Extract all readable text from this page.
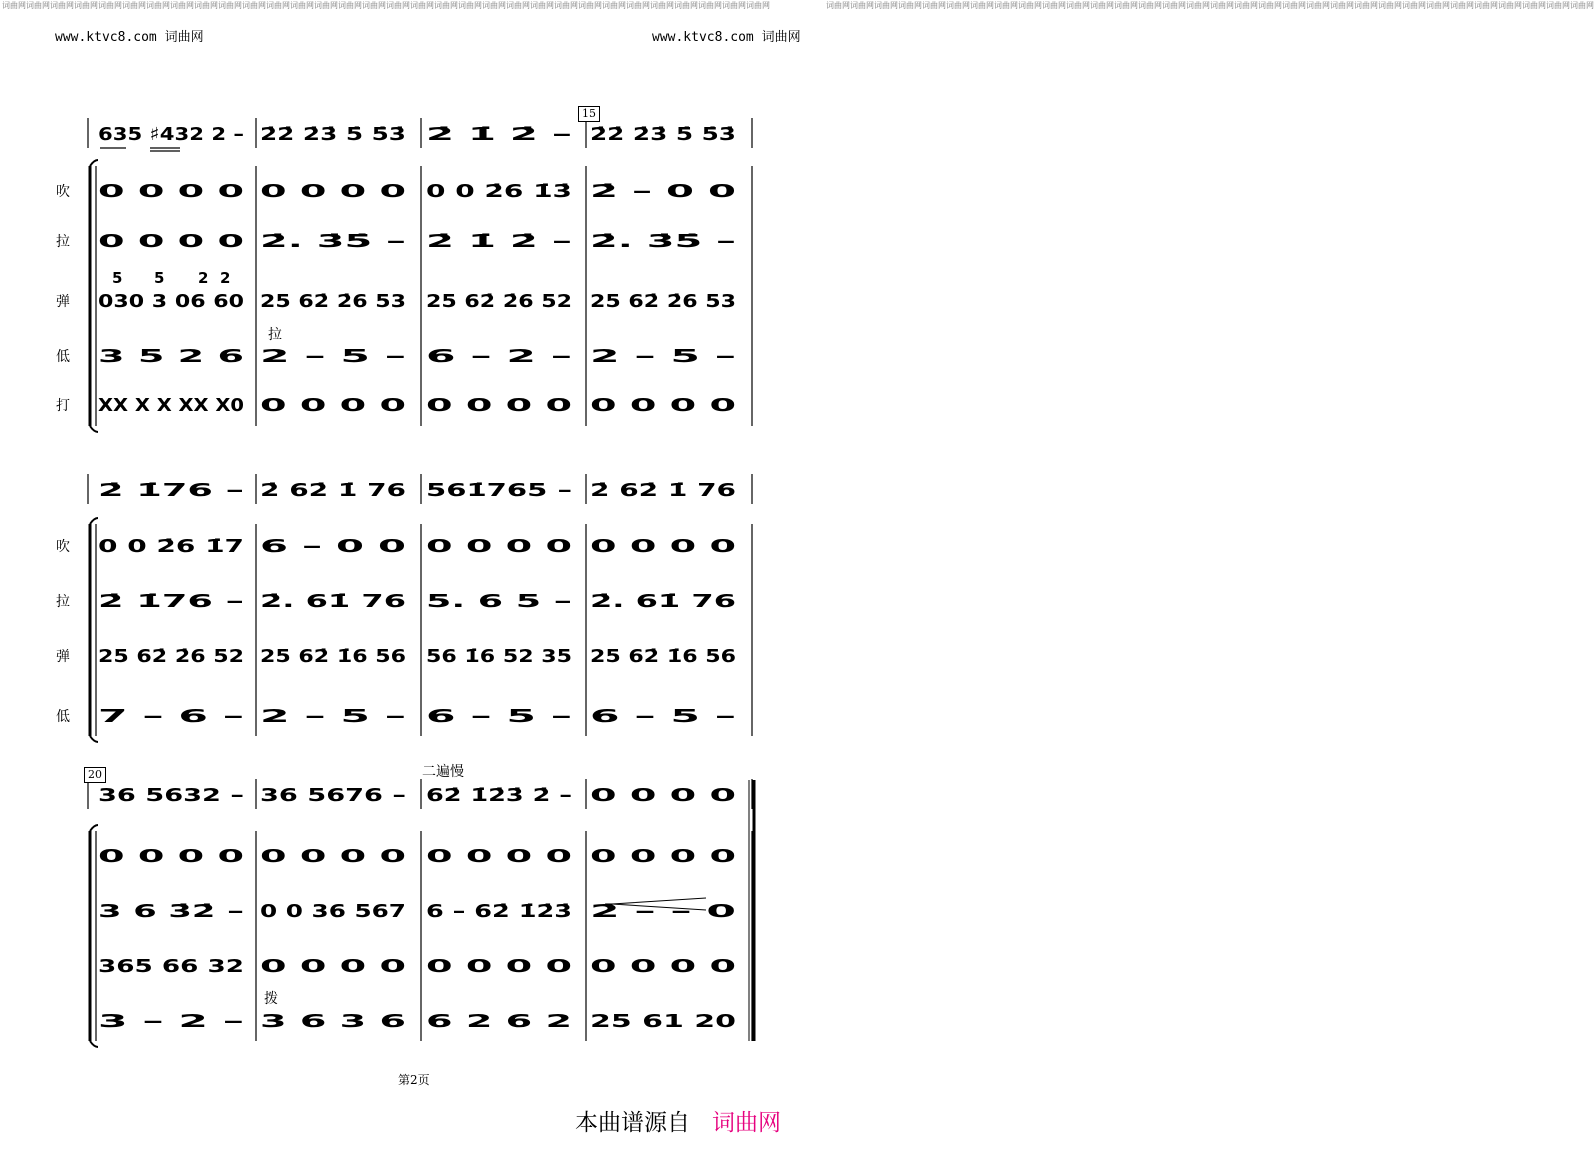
www.ktvc8.com 词曲网	www.ktvc8.com 词曲网
词曲网词曲网词曲网词曲网词曲网词曲网词曲网词曲网词曲网词曲网词曲网词曲网词曲网词曲网词曲网词曲网词曲网词曲网词曲网词曲网词曲网词曲网词曲网词曲网词曲网词曲网词曲网词曲网词曲网词曲网词曲网词曲网	词曲网词曲网词曲网词曲网词曲网词曲网词曲网词曲网词曲网词曲网词曲网词曲网词曲网词曲网词曲网词曲网词曲网词曲网词曲网词曲网词曲网词曲网词曲网词曲网词曲网词曲网词曲网词曲网词曲网词曲网词曲网词曲网
635 ♯432 2 – 2̇2̇ 2̇3̇ 5̇ 5̇3̇ 2̇ 1̇ 2̇ – 2̇2̇ 2̇3̇ 5̇ 5̇3̇
0 0 0 0 0 0 0 0 0 0 2̇6 1̇3̇ 2̇ – 0 0
0 0 0 0 2̇. 3̇5̇ – 2̇ 1̇ 2̇ – 2̇. 3̇5̇ –
030 3 06 60 25 62̇ 2̇6 53 25 62̇ 2̇6 52 25 62̇ 2̇6 53
3 5 2 6 2 – 5 – 6 – 2 – 2 – 5 –
XX X X XX X0 0 0 0 0 0 0 0 0 0 0 0 0
2̇ 1̇76 – 2̇ 62̇ 1̇ 76 561̇765 – 2̇ 62̇ 1̇ 76
0 0 2̇6 1̇7 6 – 0 0 0 0 0 0 0 0 0 0
2̇ 1̇76 – 2̇. 61̇ 76 5. 6 5 – 2̇. 61̇ 76
25 62̇ 2̇6 52 25 62̇ 1̇6 56 56 1̇6 52 35 25 62̇ 1̇6 56
7 – 6 – 2 – 5 – 6 – 5 – 6 – 5 –
36 5632 – 36 5676 – 62̇ 1̇2̇3̇ 2̇ – 0 0 0 0
0 0 0 0 0 0 0 0 0 0 0 0 0 0 0 0
3 6 3̇2̇ – 0 0 36 567 6 – 62̇ 1̇2̇3̇ 2̇ – – 0
365 66 32 0 0 0 0 0 0 0 0 0 0 0 0
3 – 2 – 3 6 3 6 6 2 6 2 25 61 20
5 5 2 2
吹
拉
弹
低
打
吹
拉
弹
低
15
20
拉
拨
二遍慢
第2页
本曲谱源自 词曲网
